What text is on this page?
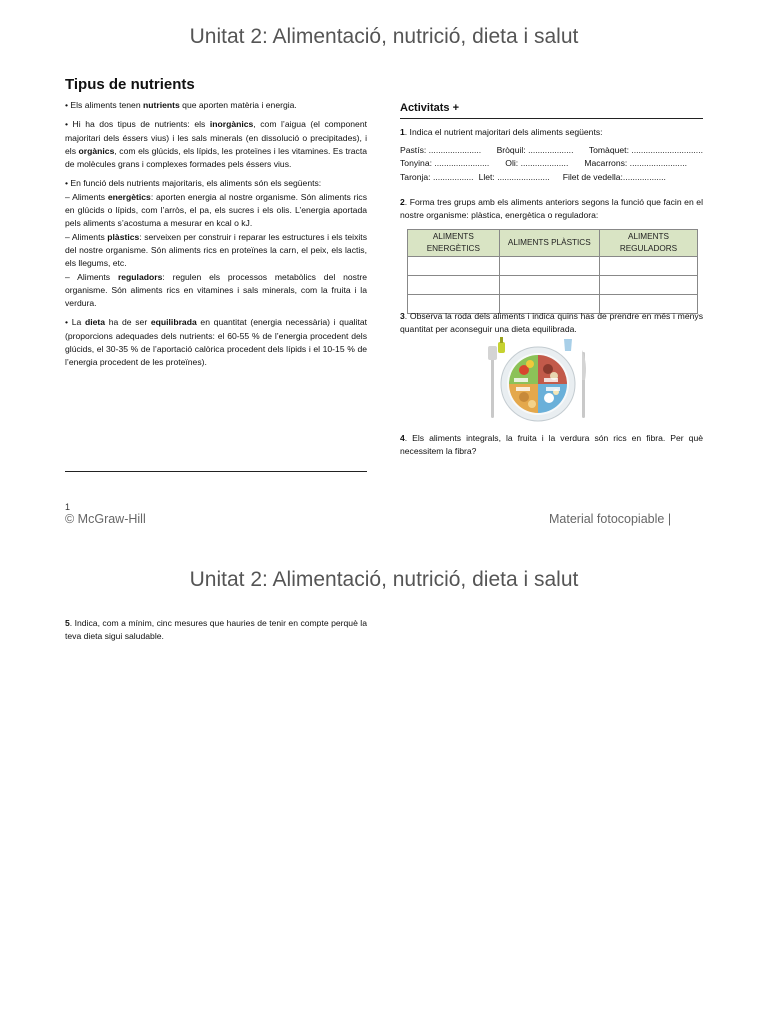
Unitat 2: Alimentació, nutrició, dieta i salut
Tipus de nutrients

• Els aliments tenen nutrients que aporten matèria i energia.

• Hi ha dos tipus de nutrients: els inorgànics, com l’aigua (el component majoritari dels éssers vius) i les sals minerals (en dissolució o precipitades), i els orgànics, com els glúcids, els lípids, les proteïnes i les vitamines. Es tracta de molècules grans i complexes formades pels éssers vius.

• En funció dels nutrients majoritaris, els aliments són els següents:

– Aliments energètics: aporten energia al nostre organisme. Són aliments rics en glúcids o lípids, com l’arròs, el pa, els sucres i els olis. L’energia aportada pels aliments s’acostuma a mesurar en kcal o kJ.

– Aliments plàstics: serveixen per construir i reparar les estructures i els teixits del nostre organisme. Són aliments rics en proteïnes la carn, el peix, els lactis, els llegums, etc.

– Aliments reguladors: regulen els processos metabòlics del nostre organisme. Són aliments rics en vitamines i sals minerals, com la fruita i la verdura.

• La dieta ha de ser equilibrada en quantitat (energia necessària) i qualitat (proporcions adequades dels nutrients: el 60-55 % de l’energia procedent dels glúcids, el 30-35 % de l’aportació calòrica procedent dels lípids i el 10-15 % de l’energia procedent de les proteïnes).

Activitats +
1. Indica el nutrient majoritari dels aliments següents:
Pastís: ...................... Bròquil: ................... Tomàquet: ..............................
Tonyina: ....................... Oli: .................... Macarrons: ........................
Taronja: ................. Llet: ...................... Filet de vedella:..................
2. Forma tres grups amb els aliments anteriors segons la funció que facin en el nostre organisme: plàstica, energètica o reguladora:
ALIMENTS ENERGÈTICS	ALIMENTS PLÀSTICS	ALIMENTS REGULADORS

3. Observa la roda dels aliments i indica quins has de prendre en més i menys quantitat per aconseguir una dieta equilibrada.
4. Els aliments integrals, la fruita i la verdura són rics en fibra. Per què necessitem la fibra?
1
© McGraw-Hill	Material fotocopiable |
Unitat 2: Alimentació, nutrició, dieta i salut
5. Indica, com a mínim, cinc mesures que hauries de tenir en compte perquè la teva dieta sigui saludable.
